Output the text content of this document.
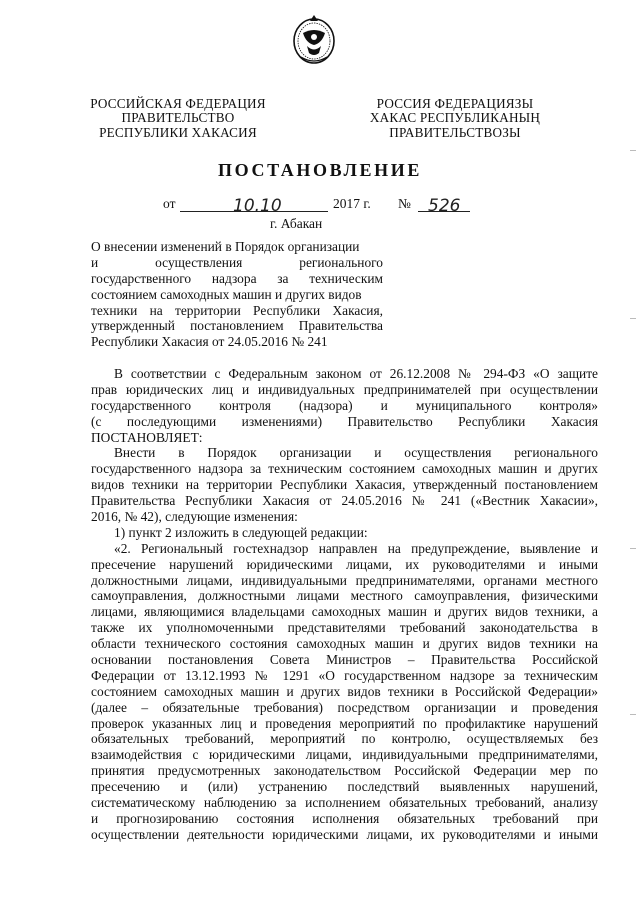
РОССИЙСКАЯ ФЕДЕРАЦИЯ
ПРАВИТЕЛЬСТВО
РЕСПУБЛИКИ ХАКАСИЯ
РОССИЯ ФЕДЕРАЦИЯЗЫ
ХАКАС РЕСПУБЛИКАНЫҢ
ПРАВИТЕЛЬСТВОЗЫ
ПОСТАНОВЛЕНИЕ
от	10.10	2017 г. № 526
г. Абакан
О внесении изменений в Порядок организации
и осуществления регионального
государственного надзора за техническим
состоянием самоходных машин и других видов
техники на территории Республики Хакасия,
утвержденный постановлением Правительства
Республики Хакасия от 24.05.2016 № 241
В соответствии с Федеральным законом от 26.12.2008 № 294-ФЗ «О защите
прав юридических лиц и индивидуальных предпринимателей при осуществлении
государственного контроля (надзора) и муниципального контроля»
(с последующими изменениями) Правительство Республики Хакасия
ПОСТАНОВЛЯЕТ:
Внести в Порядок организации и осуществления регионального
государственного надзора за техническим состоянием самоходных машин и других
видов техники на территории Республики Хакасия, утвержденный постановлением
Правительства Республики Хакасия от 24.05.2016 № 241 («Вестник Хакасии»,
2016, № 42), следующие изменения:
1) пункт 2 изложить в следующей редакции:
«2. Региональный гостехнадзор направлен на предупреждение, выявление и
пресечение нарушений юридическими лицами, их руководителями и иными
должностными лицами, индивидуальными предпринимателями, органами местного
самоуправления, должностными лицами местного самоуправления, физическими
лицами, являющимися владельцами самоходных машин и других видов техники, а
также их уполномоченными представителями требований законодательства в
области технического состояния самоходных машин и других видов техники на
основании постановления Совета Министров – Правительства Российской
Федерации от 13.12.1993 № 1291 «О государственном надзоре за техническим
состоянием самоходных машин и других видов техники в Российской Федерации»
(далее – обязательные требования) посредством организации и проведения
проверок указанных лиц и проведения мероприятий по профилактике нарушений
обязательных требований, мероприятий по контролю, осуществляемых без
взаимодействия с юридическими лицами, индивидуальными предпринимателями,
принятия предусмотренных законодательством Российской Федерации мер по
пресечению и (или) устранению последствий выявленных нарушений,
систематическому наблюдению за исполнением обязательных требований, анализу
и прогнозированию состояния исполнения обязательных требований при
осуществлении деятельности юридическими лицами, их руководителями и иными
